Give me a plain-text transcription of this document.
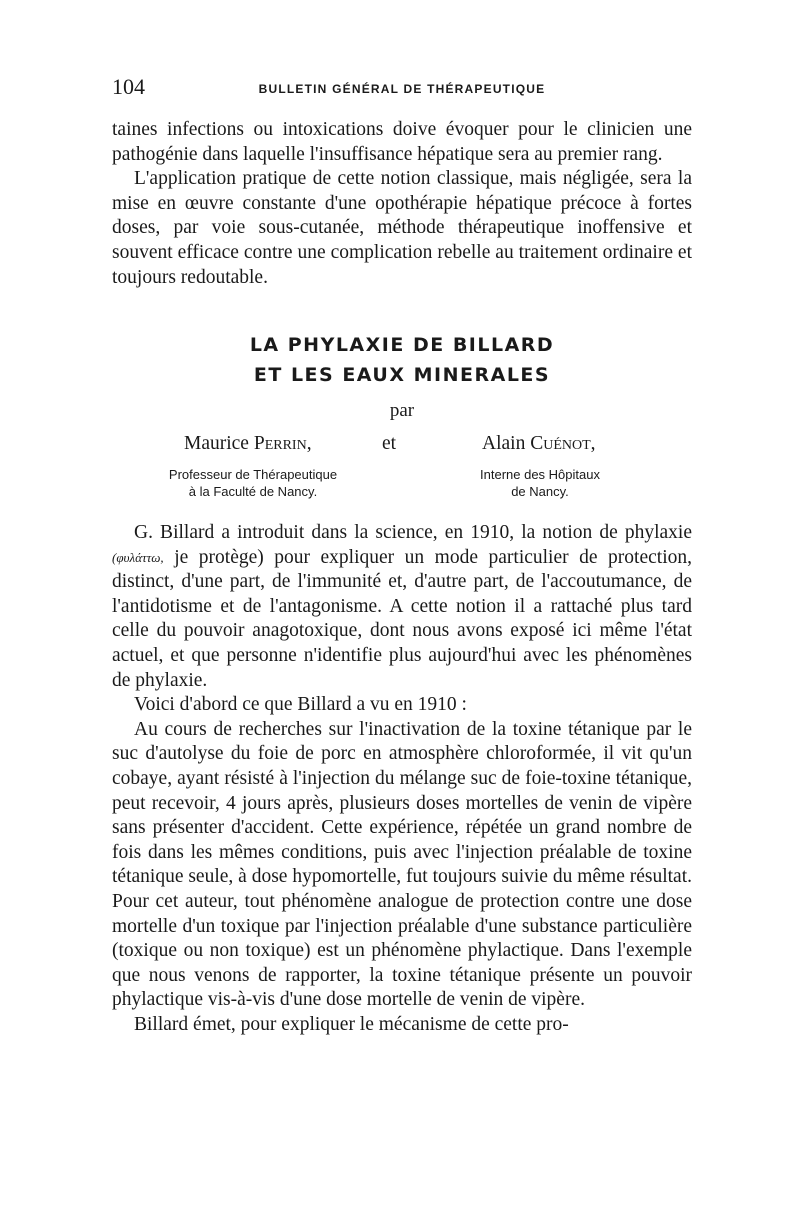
104	BULLETIN GÉNÉRAL DE THÉRAPEUTIQUE

taines infections ou intoxications doive évoquer pour le clinicien une pathogénie dans laquelle l'insuffisance hépatique sera au premier rang.

L'application pratique de cette notion classique, mais négligée, sera la mise en œuvre constante d'une opothérapie hépatique précoce à fortes doses, par voie sous-cutanée, méthode thérapeutique inoffensive et souvent efficace contre une complication rebelle au traitement ordinaire et toujours redoutable.

LA PHYLAXIE DE BILLARD
ET LES EAUX MINERALES
par
Maurice Perrin,	et	Alain Cuénot,
Professeur de Thérapeutique
à la Faculté de Nancy.
Interne des Hôpitaux
de Nancy.

G. Billard a introduit dans la science, en 1910, la notion de phylaxie (φυλάττω, je protège) pour expliquer un mode particulier de protection, distinct, d'une part, de l'immunité et, d'autre part, de l'accoutumance, de l'antidotisme et de l'antagonisme. A cette notion il a rattaché plus tard celle du pouvoir anagotoxique, dont nous avons exposé ici même l'état actuel, et que personne n'identifie plus aujourd'hui avec les phénomènes de phylaxie.

Voici d'abord ce que Billard a vu en 1910 :

Au cours de recherches sur l'inactivation de la toxine tétanique par le suc d'autolyse du foie de porc en atmosphère chloroformée, il vit qu'un cobaye, ayant résisté à l'injection du mélange suc de foie-toxine tétanique, peut recevoir, 4 jours après, plusieurs doses mortelles de venin de vipère sans présenter d'accident. Cette expérience, répétée un grand nombre de fois dans les mêmes conditions, puis avec l'injection préalable de toxine tétanique seule, à dose hypomortelle, fut toujours suivie du même résultat. Pour cet auteur, tout phénomène analogue de protection contre une dose mortelle d'un toxique par l'injection préalable d'une substance particulière (toxique ou non toxique) est un phénomène phylactique. Dans l'exemple que nous venons de rapporter, la toxine tétanique présente un pouvoir phylactique vis-à-vis d'une dose mortelle de venin de vipère.

Billard émet, pour expliquer le mécanisme de cette pro-
